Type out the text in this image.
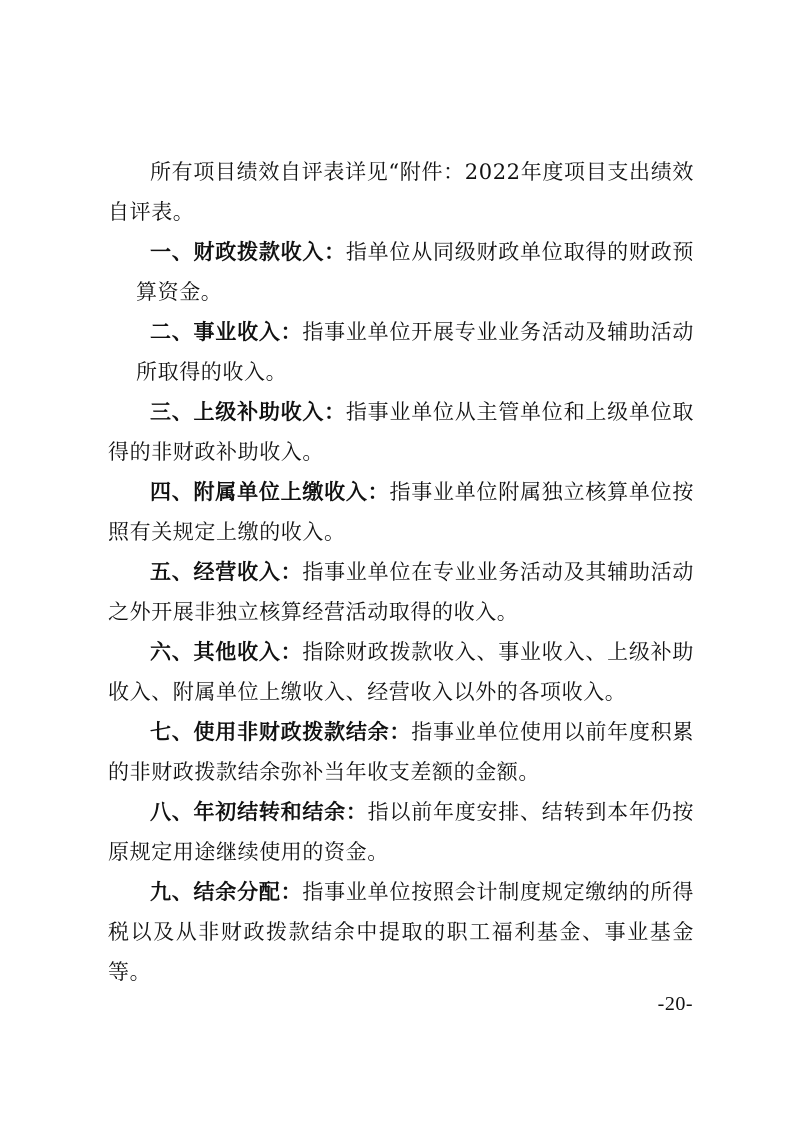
所有项目绩效自评表详见“附件：2022年度项目支出绩效自评表。

一、财政拨款收入：指单位从同级财政单位取得的财政预算资金。

二、事业收入：指事业单位开展专业业务活动及辅助活动所取得的收入。

三、上级补助收入：指事业单位从主管单位和上级单位取得的非财政补助收入。

四、附属单位上缴收入：指事业单位附属独立核算单位按照有关规定上缴的收入。

五、经营收入：指事业单位在专业业务活动及其辅助活动之外开展非独立核算经营活动取得的收入。

六、其他收入：指除财政拨款收入、事业收入、上级补助收入、附属单位上缴收入、经营收入以外的各项收入。

七、使用非财政拨款结余：指事业单位使用以前年度积累的非财政拨款结余弥补当年收支差额的金额。

八、年初结转和结余：指以前年度安排、结转到本年仍按原规定用途继续使用的资金。

九、结余分配：指事业单位按照会计制度规定缴纳的所得税以及从非财政拨款结余中提取的职工福利基金、事业基金等。

-20-
